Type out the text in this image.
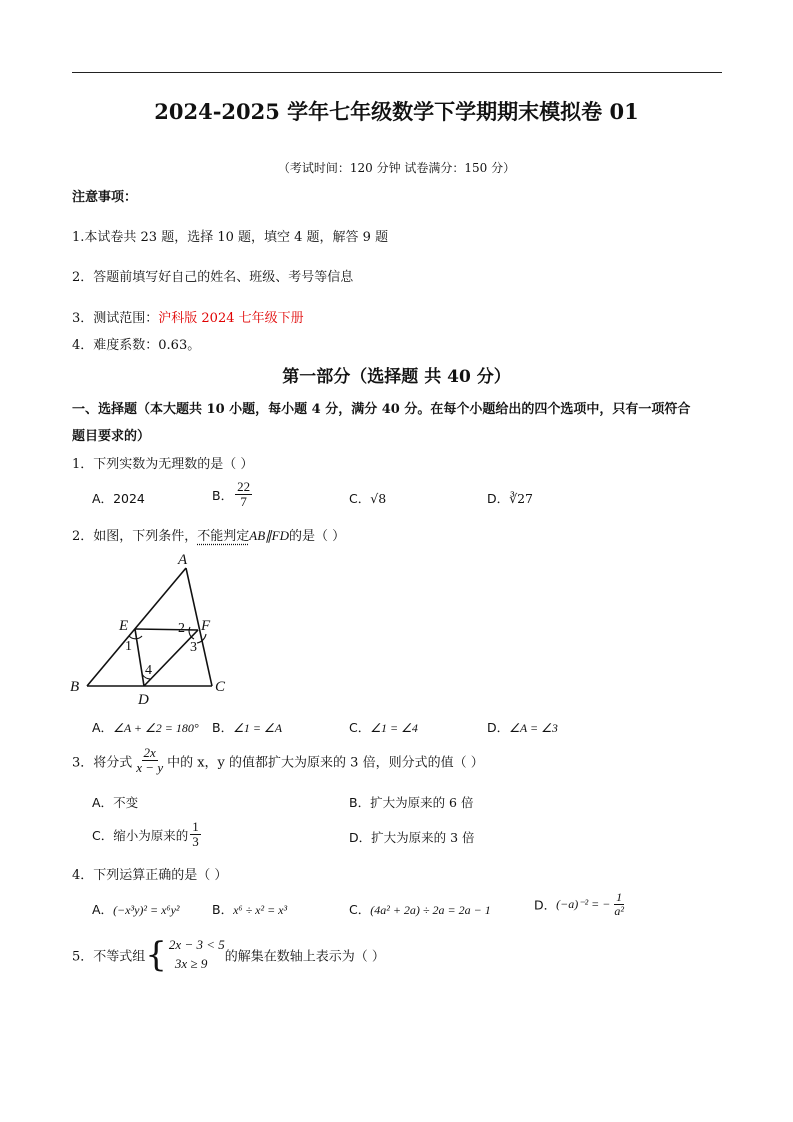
2024-2025 学年七年级数学下学期期末模拟卷 01
（考试时间：120 分钟 试卷满分：150 分）
注意事项：
1.本试卷共 23 题，选择 10 题，填空 4 题，解答 9 题
2．答题前填写好自己的姓名、班级、考号等信息
3．测试范围：沪科版 2024 七年级下册
4．难度系数：0.63。
第一部分（选择题 共 40 分）
一、选择题（本大题共 10 小题，每小题 4 分，满分 40 分。在每个小题给出的四个选项中，只有一项符合
题目要求的）
1．下列实数为无理数的是（ ）
A．2024	B． $\frac{22}{7}$	C．√8	D．∛27
2．如图，下列条件，不能判定AB∥FD的是（ ）
A
B	C
D
E	F
1
2
3
4
A．∠A + ∠2 = 180° B．∠1 = ∠A	C．∠1 = ∠4	D．∠A = ∠3
3．将分式 $\frac{2x}{x - y}$ 中的 x，y 的值都扩大为原来的 3 倍，则分式的值（ ）
A．不变	B．扩大为原来的 6 倍
C．缩小为原来的 $\frac{1}{3}$	D．扩大为原来的 3 倍
4．下列运算正确的是（ ）
A．(−x³y)² = x⁶y²	B．x⁶ ÷ x² = x³	C．(4a² + 2a) ÷ 2a = 2a − 1	D．(−a)⁻² = − $\frac{1}{\text{a²}}$
5．不等式组 { 2x − 3 < 5
3x ≥ 9	的解集在数轴上表示为（ ）
